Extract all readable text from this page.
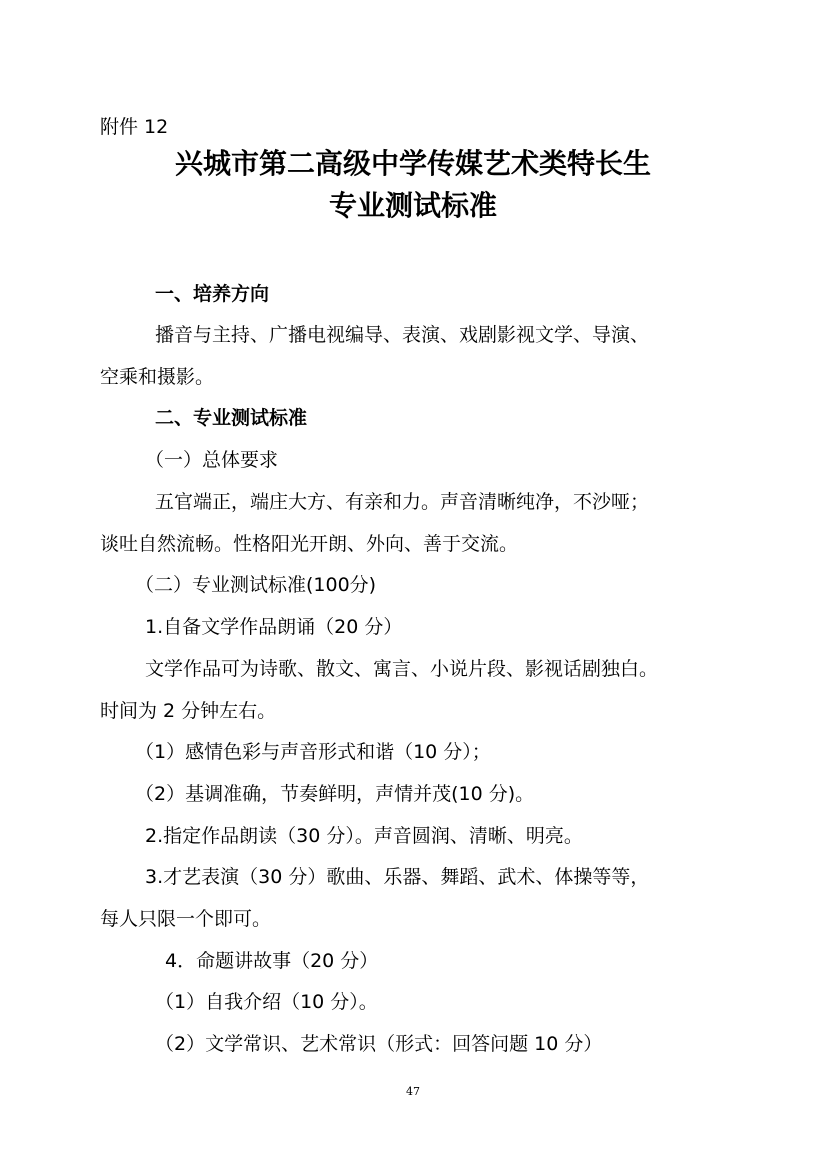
附件 12
兴城市第二高级中学传媒艺术类特长生
专业测试标准
一、培养方向
播音与主持、广播电视编导、表演、戏剧影视文学、导演、
空乘和摄影。
二、专业测试标准
（一）总体要求
五官端正，端庄大方、有亲和力。声音清晰纯净，不沙哑；
谈吐自然流畅。性格阳光开朗、外向、善于交流。
（二）专业测试标准(100分)
1.自备文学作品朗诵（20 分）
文学作品可为诗歌、散文、寓言、小说片段、影视话剧独白。
时间为 2 分钟左右。
（1）感情色彩与声音形式和谐（10 分）；
（2）基调准确，节奏鲜明，声情并茂(10 分)。
2.指定作品朗读（30 分）。声音圆润、清晰、明亮。
3.才艺表演（30 分）歌曲、乐器、舞蹈、武术、体操等等，
每人只限一个即可。
4．命题讲故事（20 分）
（1）自我介绍（10 分）。
（2）文学常识、艺术常识（形式：回答问题 10 分）
47
